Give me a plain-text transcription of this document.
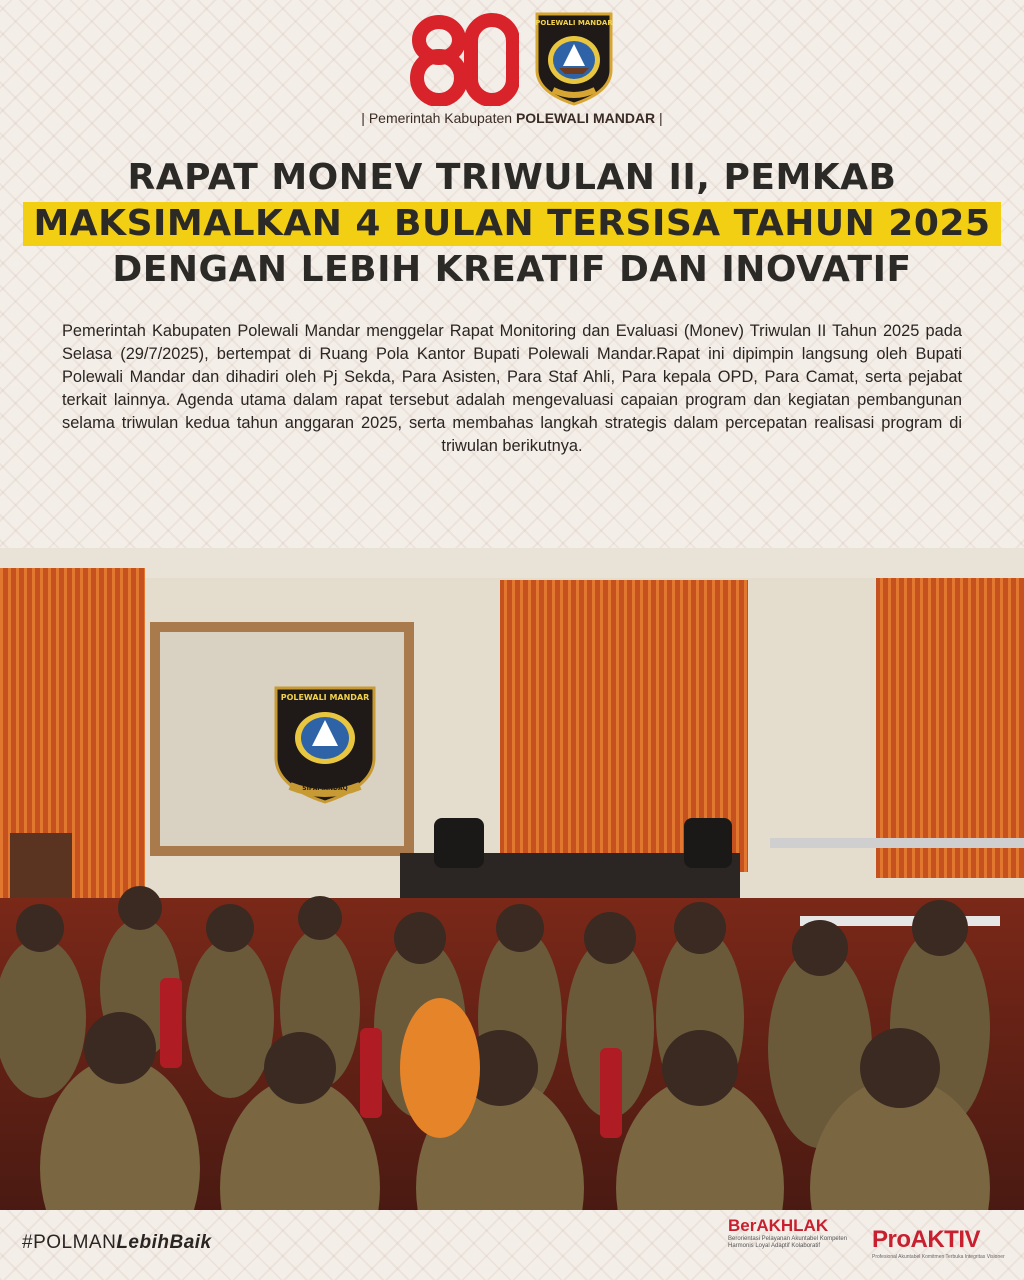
POLEWALI MANDAR
| Pemerintah Kabupaten POLEWALI MANDAR |
RAPAT MONEV TRIWULAN II, PEMKAB
MAKSIMALKAN 4 BULAN TERSISA TAHUN 2025
DENGAN LEBIH KREATIF DAN INOVATIF

Pemerintah Kabupaten Polewali Mandar menggelar Rapat Monitoring dan Evaluasi (Monev) Triwulan II Tahun 2025 pada Selasa (29/7/2025), bertempat di Ruang Pola Kantor Bupati Polewali Mandar.Rapat ini dipimpin langsung oleh Bupati Polewali Mandar dan dihadiri oleh Pj Sekda, Para Asisten, Para Staf Ahli, Para kepala OPD, Para Camat, serta pejabat terkait lainnya. Agenda utama dalam rapat tersebut adalah mengevaluasi capaian program dan kegiatan pembangunan selama triwulan kedua tahun anggaran 2025, serta membahas langkah strategis dalam percepatan realisasi program di triwulan berikutnya.

POLEWALI MANDAR
SIPAMANDAQ
#POLMANLebihBaik
BerAKHLAK
Berorientasi Pelayanan Akuntabel Kompeten Harmonis Loyal Adaptif Kolaboratif	ProAKTIV
Profesional Akuntabel Komitmen Terbuka Integritas Visioner
